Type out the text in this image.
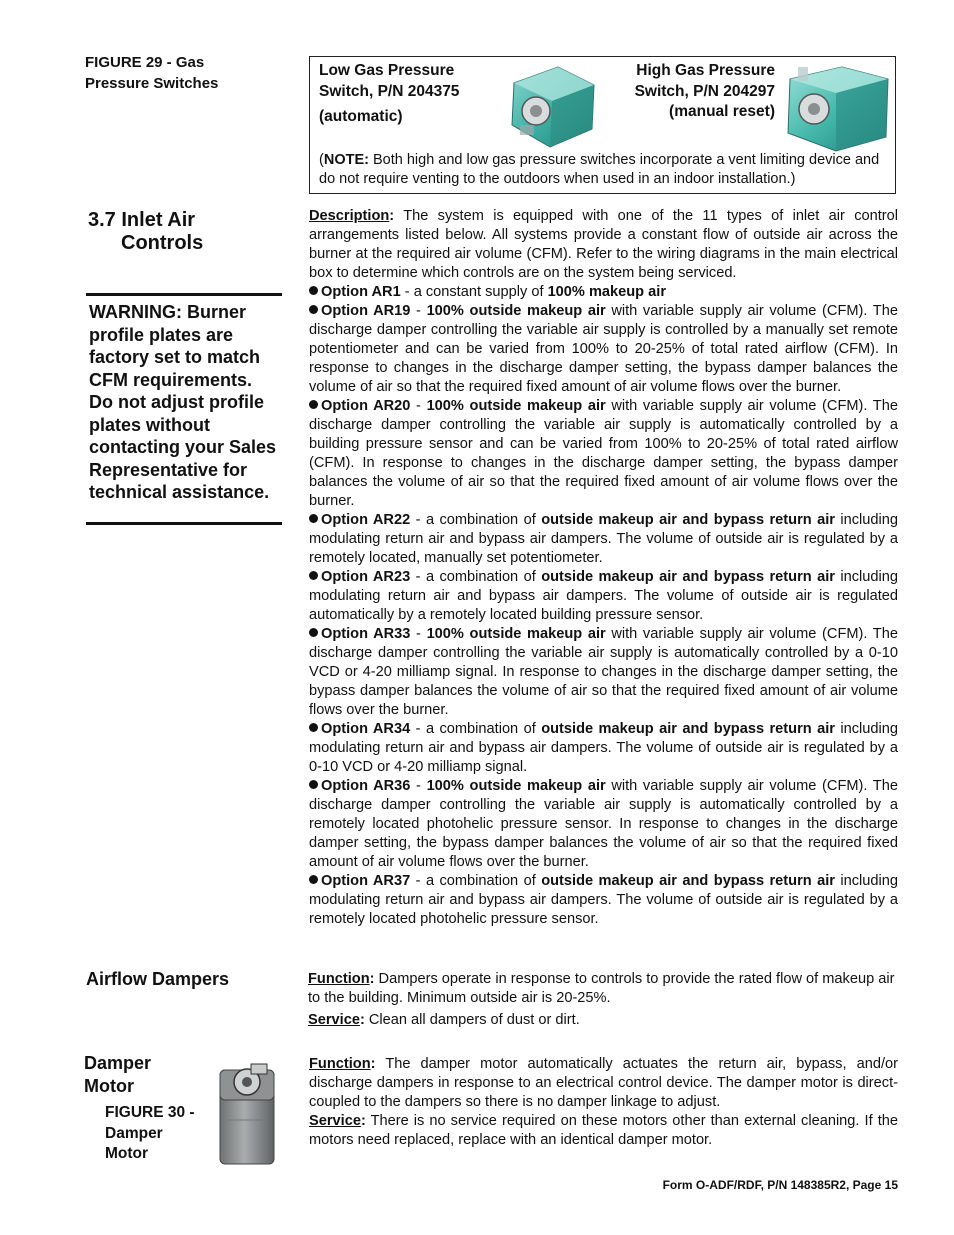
FIGURE 29 - Gas
Pressure Switches
Low Gas Pressure
Switch, P/N 204375
(automatic)
High Gas Pressure
Switch, P/N 204297
(manual reset)
(NOTE: Both high and low gas pressure switches incorporate a vent limiting device and do not require venting to the outdoors when used in an indoor installation.)
3.7 Inlet Air
Controls
WARNING: Burner profile plates are factory set to match CFM requirements. Do not adjust profile plates without contacting your Sales Representative for technical assistance.

Description: The system is equipped with one of the 11 types of inlet air control arrangements listed below. All systems provide a constant flow of outside air across the burner at the required air volume (CFM). Refer to the wiring diagrams in the main electrical box to determine which controls are on the system being serviced.

Option AR1 - a constant supply of 100% makeup air

Option AR19 - 100% outside makeup air with variable supply air volume (CFM). The discharge damper controlling the variable air supply is controlled by a manually set remote potentiometer and can be varied from 100% to 20-25% of total rated airflow (CFM). In response to changes in the discharge damper setting, the bypass damper balances the volume of air so that the required fixed amount of air volume flows over the burner.

Option AR20 - 100% outside makeup air with variable supply air volume (CFM). The discharge damper controlling the variable air supply is automatically controlled by a building pressure sensor and can be varied from 100% to 20-25% of total rated airflow (CFM). In response to changes in the discharge damper setting, the bypass damper balances the volume of air so that the required fixed amount of air volume flows over the burner.

Option AR22 - a combination of outside makeup air and bypass return air including modulating return air and bypass air dampers. The volume of outside air is regulated by a remotely located, manually set potentiometer.

Option AR23 - a combination of outside makeup air and bypass return air including modulating return air and bypass air dampers. The volume of outside air is regulated automatically by a remotely located building pressure sensor.

Option AR33 - 100% outside makeup air with variable supply air volume (CFM). The discharge damper controlling the variable air supply is automatically controlled by a 0-10 VCD or 4-20 milliamp signal. In response to changes in the discharge damper setting, the bypass damper balances the volume of air so that the required fixed amount of air volume flows over the burner.

Option AR34 - a combination of outside makeup air and bypass return air including modulating return air and bypass air dampers. The volume of outside air is regulated by a 0-10 VCD or 4-20 milliamp signal.

Option AR36 - 100% outside makeup air with variable supply air volume (CFM). The discharge damper controlling the variable air supply is automatically controlled by a remotely located photohelic pressure sensor. In response to changes in the discharge damper setting, the bypass damper balances the volume of air so that the required fixed amount of air volume flows over the burner.

Option AR37 - a combination of outside makeup air and bypass return air including modulating return air and bypass air dampers. The volume of outside air is regulated by a remotely located photohelic pressure sensor.

Airflow Dampers	Function: Dampers operate in response to controls to provide the rated flow of makeup air to the building. Minimum outside air is 20-25%.

Service: Clean all dampers of dust or dirt.

Damper
Motor
FIGURE 30 -
Damper
Motor

Function: The damper motor automatically actuates the return air, bypass, and/or discharge dampers in response to an electrical control device. The damper motor is direct-coupled to the dampers so there is no damper linkage to adjust.

Service: There is no service required on these motors other than external cleaning. If the motors need replaced, replace with an identical damper motor.

Form O-ADF/RDF, P/N 148385R2, Page 15
